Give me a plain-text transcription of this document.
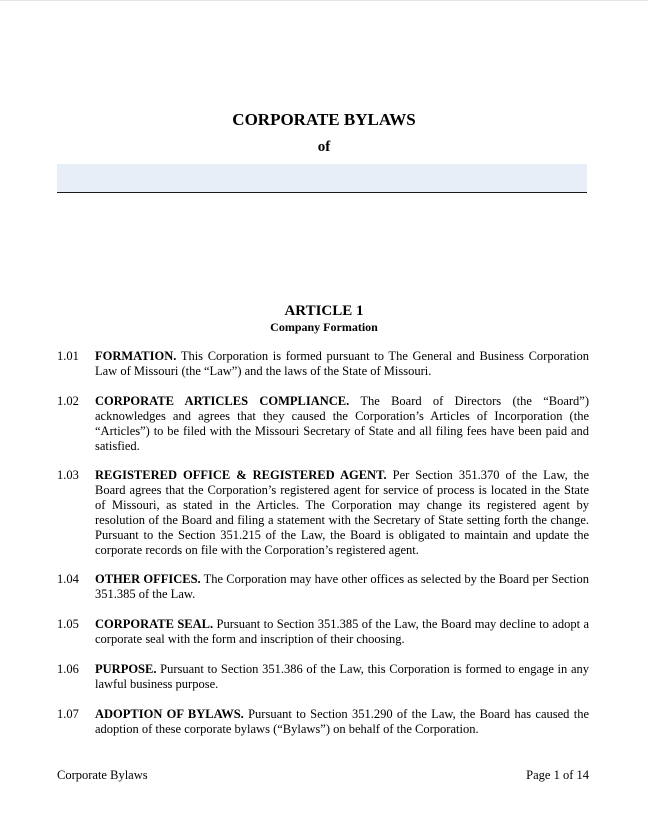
CORPORATE BYLAWS
of
ARTICLE 1
Company Formation
1.01	FORMATION. This Corporation is formed pursuant to The General and Business Corporation Law of Missouri (the “Law”) and the laws of the State of Missouri.
1.02	CORPORATE ARTICLES COMPLIANCE. The Board of Directors (the “Board”) acknowledges and agrees that they caused the Corporation’s Articles of Incorporation (the “Articles”) to be filed with the Missouri Secretary of State and all filing fees have been paid and satisfied.
1.03	REGISTERED OFFICE & REGISTERED AGENT. Per Section 351.370 of the Law, the Board agrees that the Corporation’s registered agent for service of process is located in the State of Missouri, as stated in the Articles. The Corporation may change its registered agent by resolution of the Board and filing a statement with the Secretary of State setting forth the change. Pursuant to the Section 351.215 of the Law, the Board is obligated to maintain and update the corporate records on file with the Corporation’s registered agent.
1.04	OTHER OFFICES. The Corporation may have other offices as selected by the Board per Section 351.385 of the Law.
1.05	CORPORATE SEAL. Pursuant to Section 351.385 of the Law, the Board may decline to adopt a corporate seal with the form and inscription of their choosing.
1.06	PURPOSE. Pursuant to Section 351.386 of the Law, this Corporation is formed to engage in any lawful business purpose.
1.07	ADOPTION OF BYLAWS. Pursuant to Section 351.290 of the Law, the Board has caused the adoption of these corporate bylaws (“Bylaws”) on behalf of the Corporation.
Corporate Bylaws	Page 1 of 14
